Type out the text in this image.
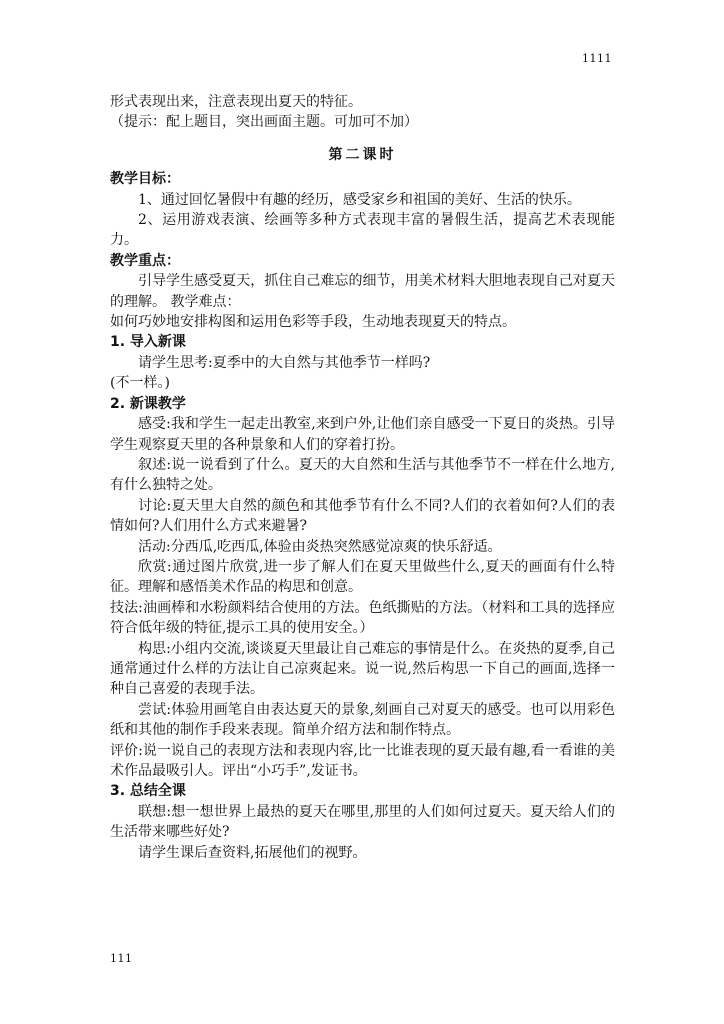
1111

形式表现出来，注意表现出夏天的特征。

（提示：配上题目，突出画面主题。可加可不加）

第二课时

教学目标：

1、通过回忆暑假中有趣的经历，感受家乡和祖国的美好、生活的快乐。

2、运用游戏表演、绘画等多种方式表现丰富的暑假生活，提高艺术表现能力。

教学重点：

引导学生感受夏天，抓住自己难忘的细节，用美术材料大胆地表现自己对夏天的理解。 教学难点：

如何巧妙地安排构图和运用色彩等手段，生动地表现夏天的特点。

1. 导入新课

请学生思考:夏季中的大自然与其他季节一样吗?

(不一样。)

2. 新课教学

感受:我和学生一起走出教室,来到户外,让他们亲自感受一下夏日的炎热。引导学生观察夏天里的各种景象和人们的穿着打扮。

叙述:说一说看到了什么。夏天的大自然和生活与其他季节不一样在什么地方,有什么独特之处。

讨论:夏天里大自然的颜色和其他季节有什么不同?人们的衣着如何?人们的表情如何?人们用什么方式来避暑?

活动:分西瓜,吃西瓜,体验由炎热突然感觉凉爽的快乐舒适。

欣赏:通过图片欣赏,进一步了解人们在夏天里做些什么,夏天的画面有什么特征。理解和感悟美术作品的构思和创意。

技法:油画棒和水粉颜料结合使用的方法。色纸撕贴的方法。（材料和工具的选择应符合低年级的特征,提示工具的使用安全。）

构思:小组内交流,谈谈夏天里最让自己难忘的事情是什么。在炎热的夏季,自己通常通过什么样的方法让自己凉爽起来。说一说,然后构思一下自己的画面,选择一种自己喜爱的表现手法。

尝试:体验用画笔自由表达夏天的景象,刻画自己对夏天的感受。也可以用彩色纸和其他的制作手段来表现。简单介绍方法和制作特点。

评价:说一说自己的表现方法和表现内容,比一比谁表现的夏天最有趣,看一看谁的美术作品最吸引人。评出“小巧手”,发证书。

3. 总结全课

联想:想一想世界上最热的夏天在哪里,那里的人们如何过夏天。夏天给人们的生活带来哪些好处?

请学生课后查资料,拓展他们的视野。

111
